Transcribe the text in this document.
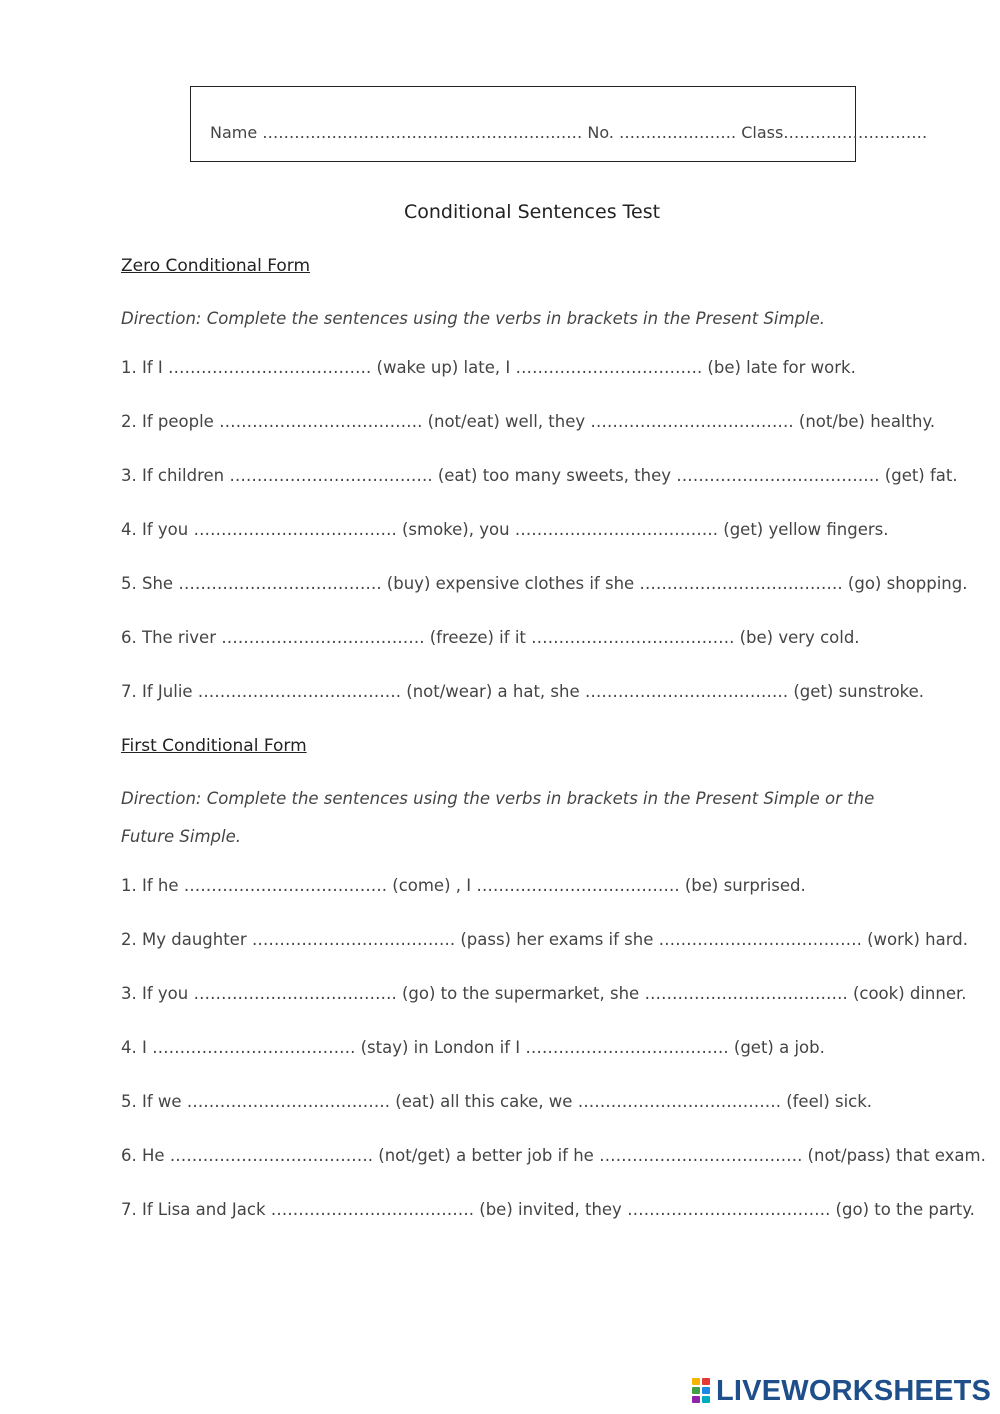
Name …………………………………………………… No. …………………. Class………………………
Conditional Sentences Test
Zero Conditional Form
Direction: Complete the sentences using the verbs in brackets in the Present Simple.
1. If I ………………………………. (wake up) late, I ……………………………. (be) late for work.
2. If people ………………………………. (not/eat) well, they ………………………………. (not/be) healthy.
3. If children ………………………………. (eat) too many sweets, they ………………………………. (get) fat.
4. If you ………………………………. (smoke), you ………………………………. (get) yellow fingers.
5. She ………………………………. (buy) expensive clothes if she ………………………………. (go) shopping.
6. The river ………………………………. (freeze) if it ………………………………. (be) very cold.
7. If Julie ………………………………. (not/wear) a hat, she ………………………………. (get) sunstroke.
First Conditional Form
Direction: Complete the sentences using the verbs in brackets in the Present Simple or the Future Simple.
1. If he ………………………………. (come) , I ………………………………. (be) surprised.
2. My daughter ………………………………. (pass) her exams if she ………………………………. (work) hard.
3. If you ………………………………. (go) to the supermarket, she ………………………………. (cook) dinner.
4. I ………………………………. (stay) in London if I ………………………………. (get) a job.
5. If we ………………………………. (eat) all this cake, we ………………………………. (feel) sick.
6. He ………………………………. (not/get) a better job if he ………………………………. (not/pass) that exam.
7. If Lisa and Jack ………………………………. (be) invited, they ………………………………. (go) to the party.
LIVEWORKSHEETS
